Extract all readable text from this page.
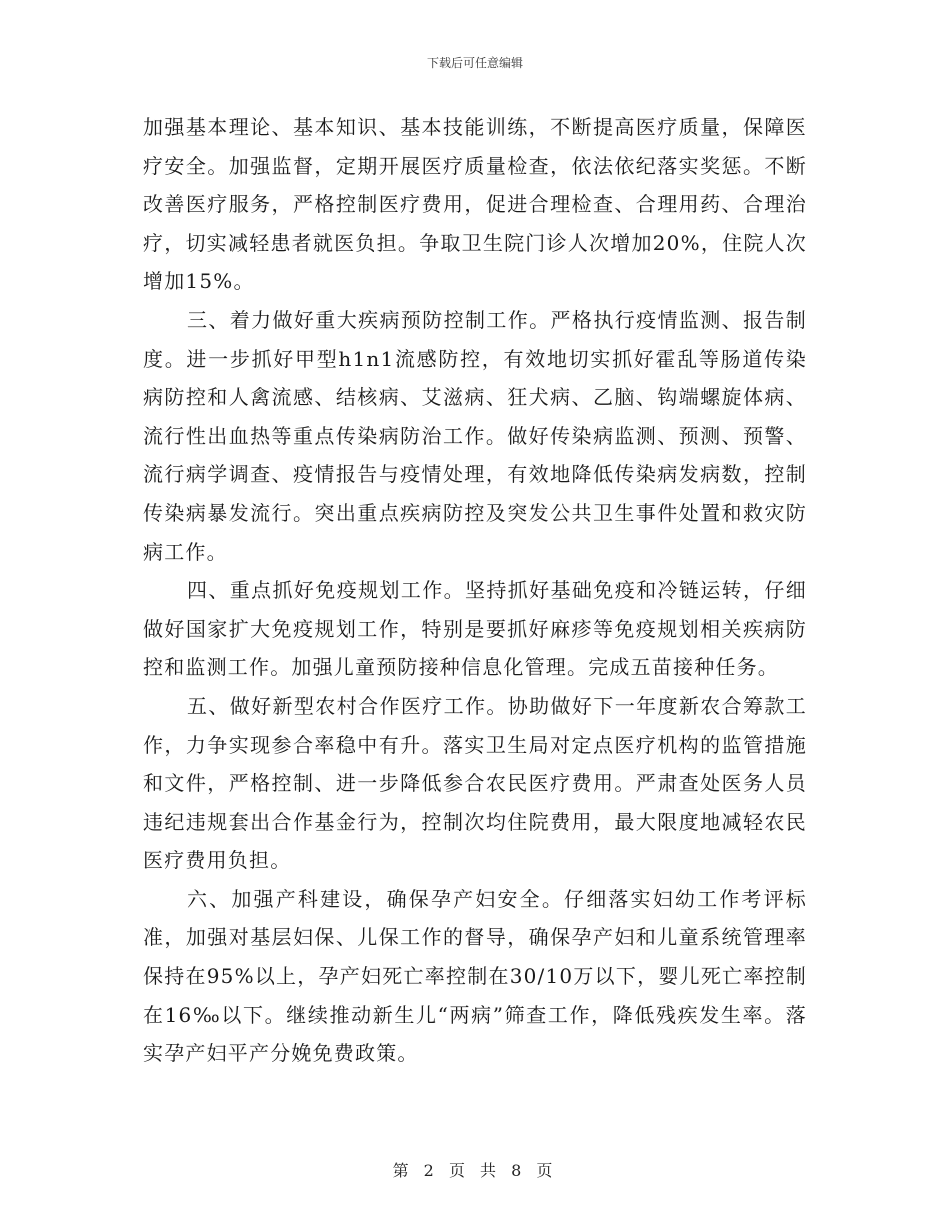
下载后可任意编辑

加强基本理论、基本知识、基本技能训练，不断提高医疗质量，保障医疗安全。加强监督，定期开展医疗质量检查，依法依纪落实奖惩。不断改善医疗服务，严格控制医疗费用，促进合理检查、合理用药、合理治疗，切实减轻患者就医负担。争取卫生院门诊人次增加20%，住院人次增加15%。

三、着力做好重大疾病预防控制工作。严格执行疫情监测、报告制度。进一步抓好甲型h1n1流感防控，有效地切实抓好霍乱等肠道传染病防控和人禽流感、结核病、艾滋病、狂犬病、乙脑、钩端螺旋体病、流行性出血热等重点传染病防治工作。做好传染病监测、预测、预警、流行病学调查、疫情报告与疫情处理，有效地降低传染病发病数，控制传染病暴发流行。突出重点疾病防控及突发公共卫生事件处置和救灾防病工作。

四、重点抓好免疫规划工作。坚持抓好基础免疫和冷链运转，仔细做好国家扩大免疫规划工作，特别是要抓好麻疹等免疫规划相关疾病防控和监测工作。加强儿童预防接种信息化管理。完成五苗接种任务。

五、做好新型农村合作医疗工作。协助做好下一年度新农合筹款工作，力争实现参合率稳中有升。落实卫生局对定点医疗机构的监管措施和文件，严格控制、进一步降低参合农民医疗费用。严肃查处医务人员违纪违规套出合作基金行为，控制次均住院费用，最大限度地减轻农民医疗费用负担。

六、加强产科建设，确保孕产妇安全。仔细落实妇幼工作考评标准，加强对基层妇保、儿保工作的督导，确保孕产妇和儿童系统管理率保持在95%以上，孕产妇死亡率控制在30/10万以下，婴儿死亡率控制在16‰以下。继续推动新生儿“两病”筛查工作，降低残疾发生率。落实孕产妇平产分娩免费政策。

第 2 页 共 8 页
